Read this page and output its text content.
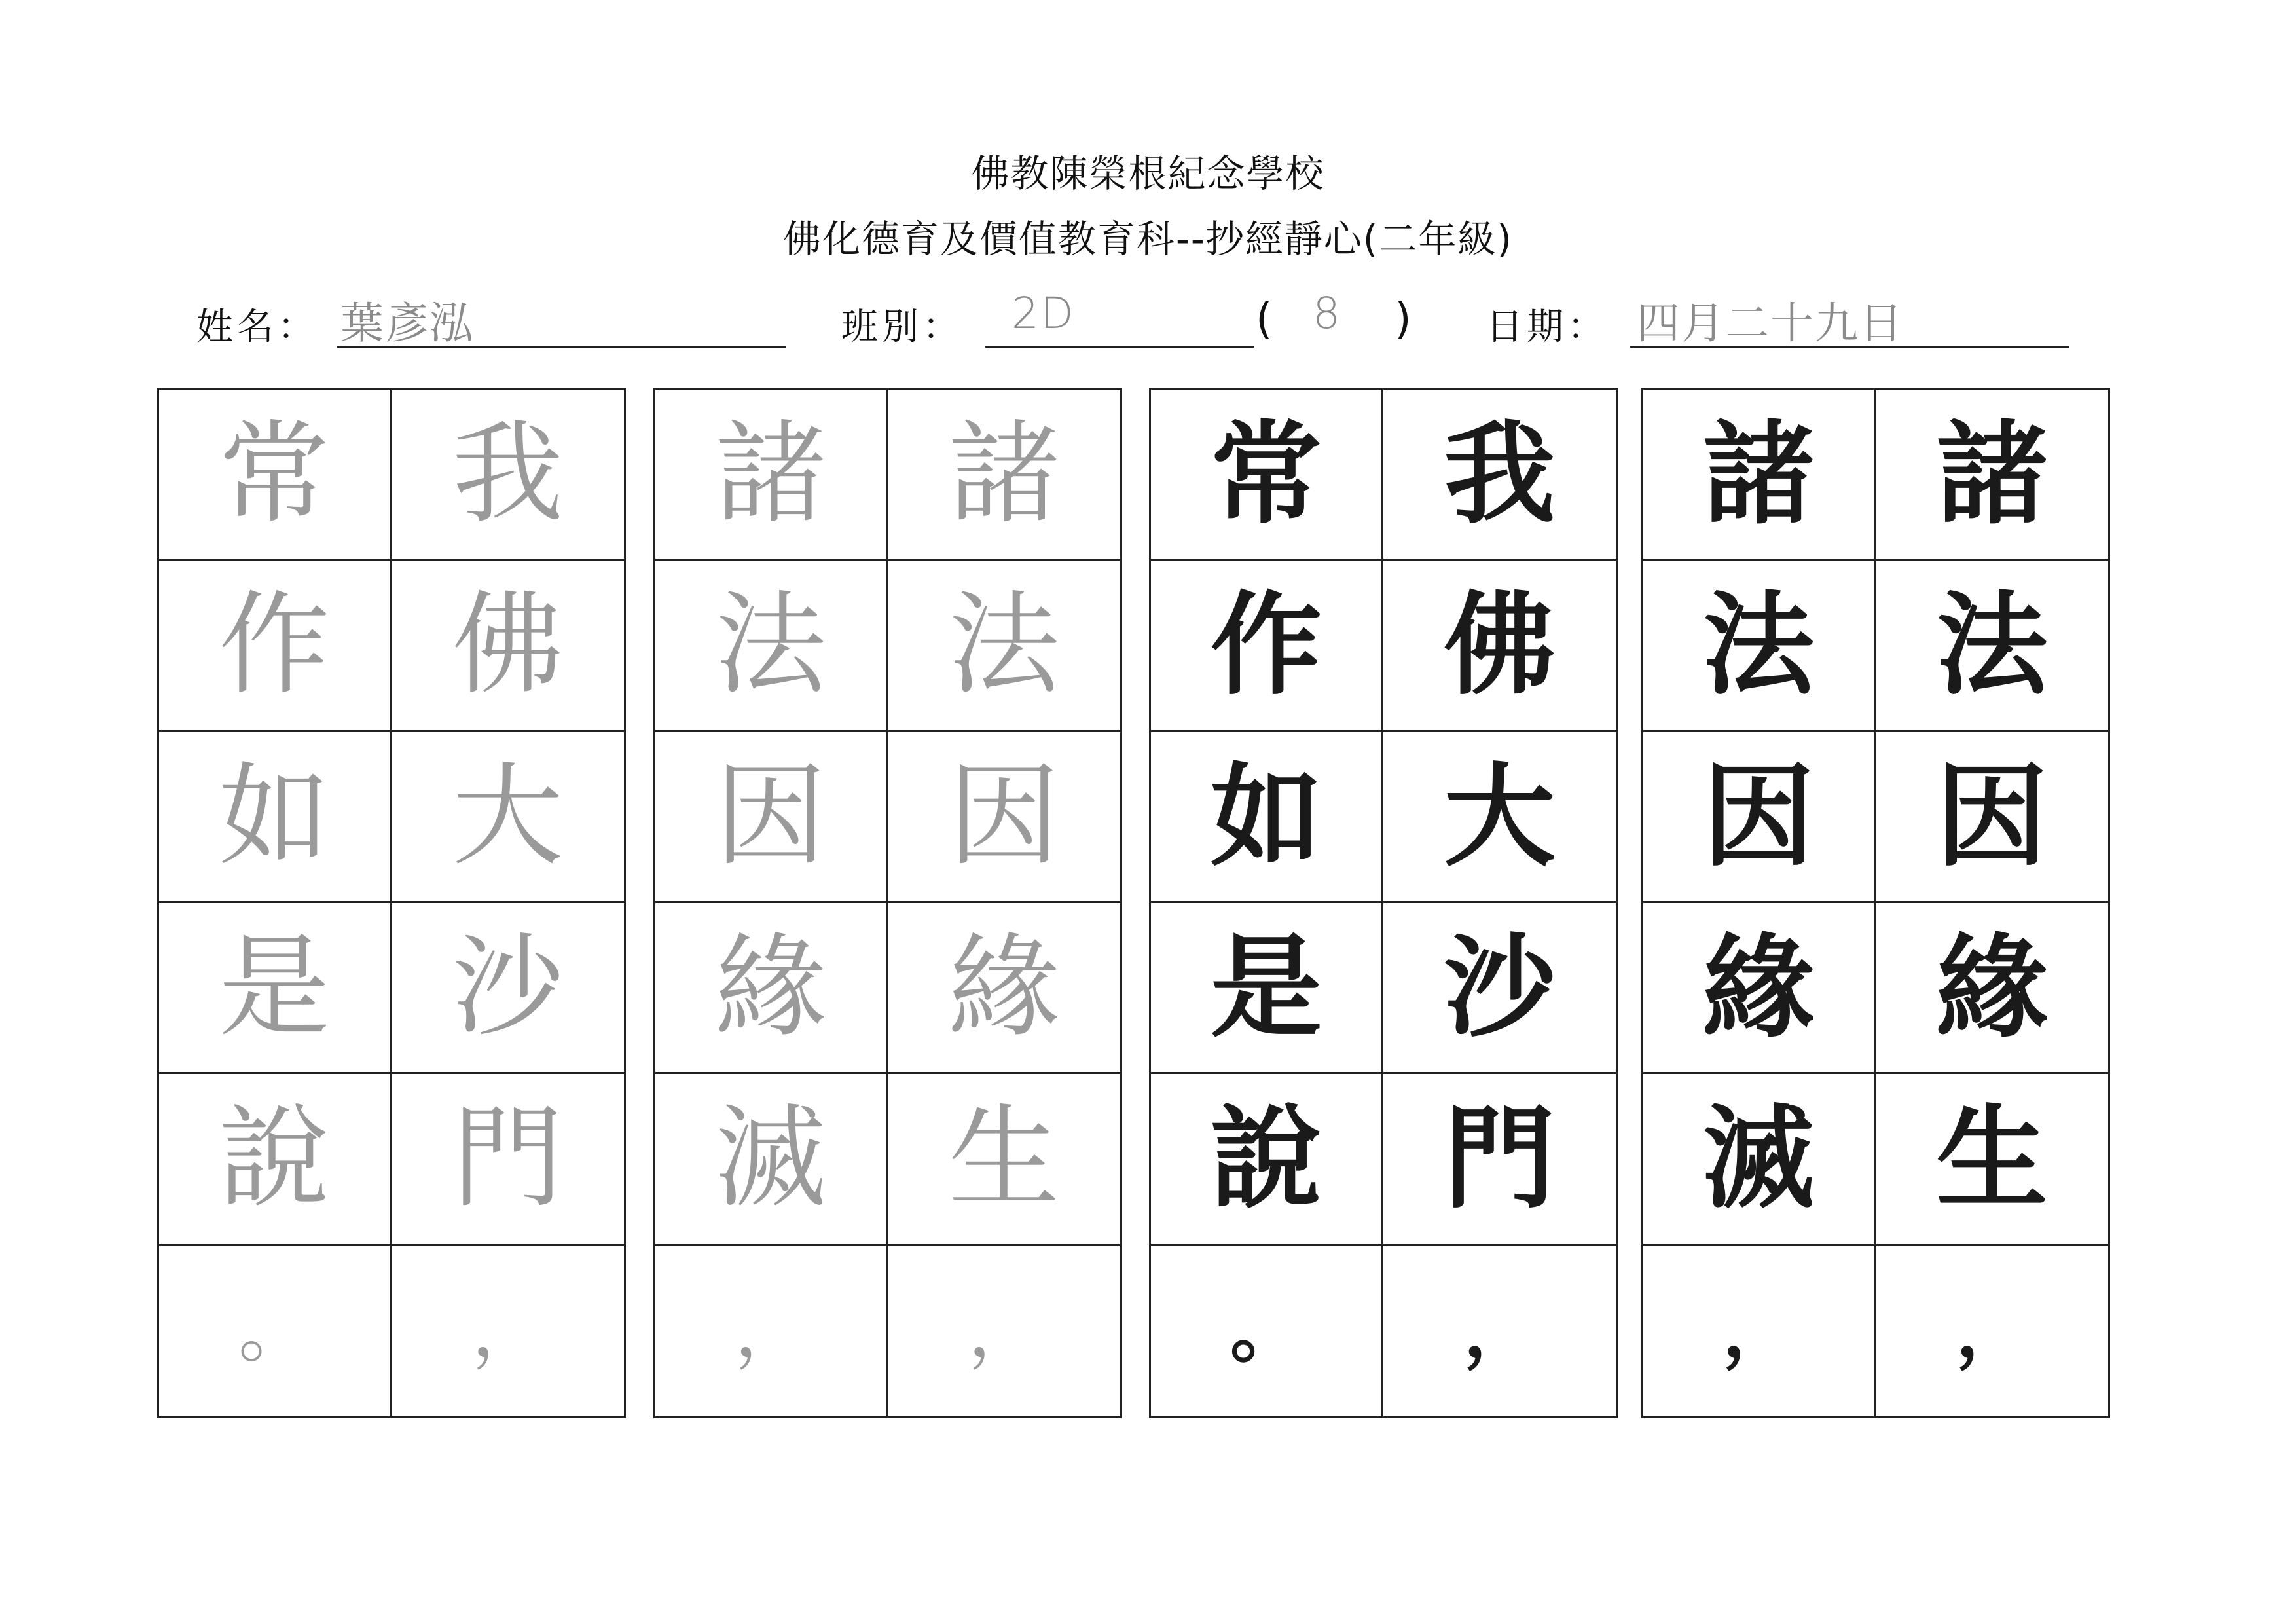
佛教陳榮根紀念學校
佛化德育及價值教育科--抄經靜心(二年級)
姓名： 葉彥泓	班別： 2D	( 8 ) 日期： 四月二十九日
常	我
作	佛
如	大
是	沙
說	門
。	，
諸	諸
法	法
因	因
緣	緣
滅	生
，	，
常	我
作	佛
如	大
是	沙
說	門
。	，
諸	諸
法	法
因	因
緣	緣
滅	生
，	，
